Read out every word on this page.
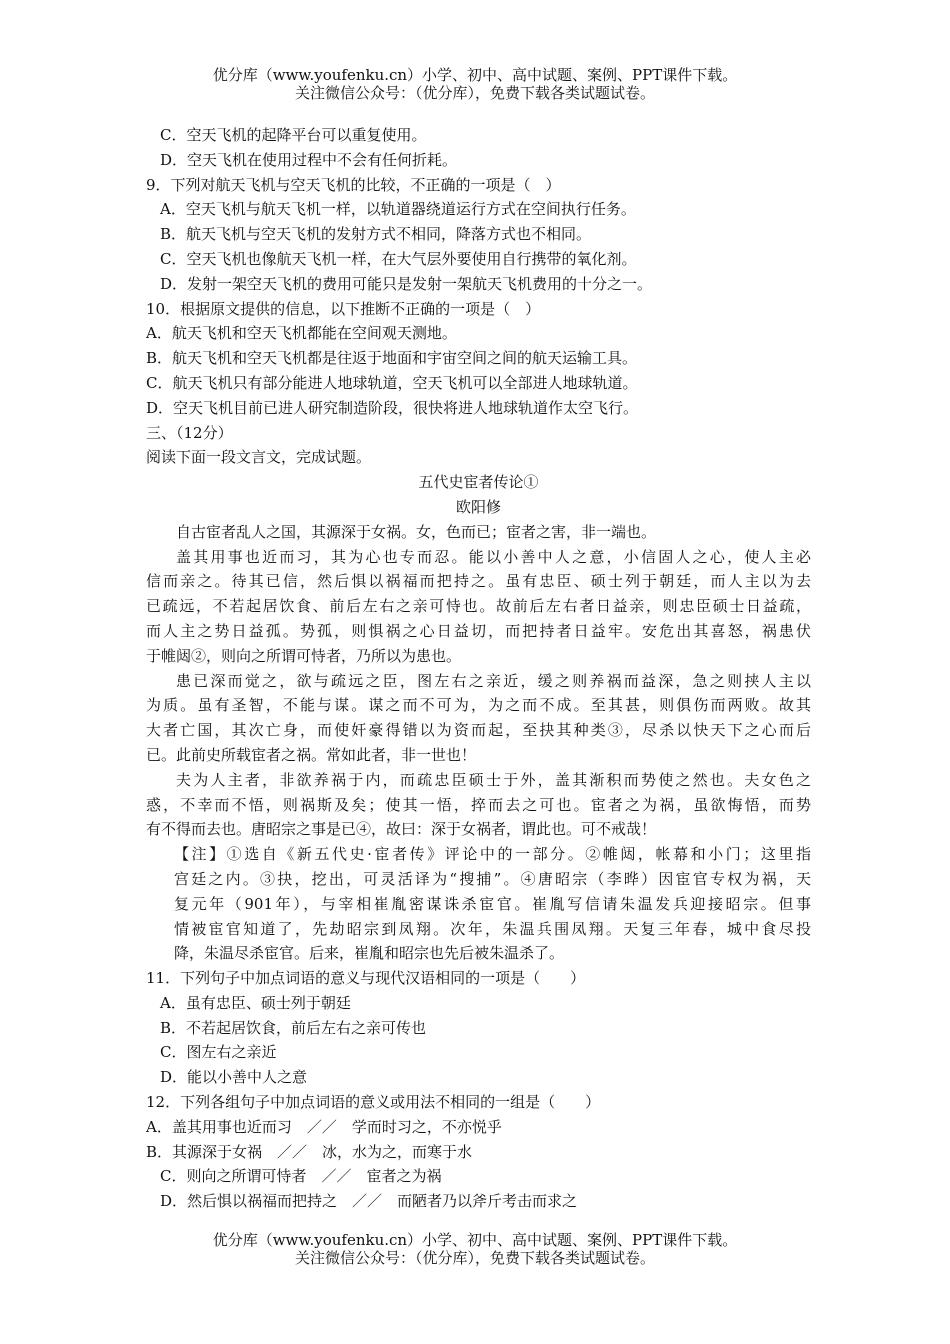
优分库（www.youfenku.cn）小学、初中、高中试题、案例、PPT课件下载。
关注微信公众号：（优分库），免费下载各类试题试卷。
C．空天飞机的起降平台可以重复使用。
D．空天飞机在使用过程中不会有任何折耗。
9．下列对航天飞机与空天飞机的比较，不正确的一项是（　）
A．空天飞机与航天飞机一样，以轨道器绕道运行方式在空间执行任务。
B．航天飞机与空天飞机的发射方式不相同，降落方式也不相同。
C．空天飞机也像航天飞机一样，在大气层外要使用自行携带的氧化剂。
D．发射一架空天飞机的费用可能只是发射一架航天飞机费用的十分之一。
10．根据原文提供的信息，以下推断不正确的一项是（　）
A．航天飞机和空天飞机都能在空间观天测地。
B．航天飞机和空天飞机都是往返于地面和宇宙空间之间的航天运输工具。
C．航天飞机只有部分能进人地球轨道，空天飞机可以全部进人地球轨道。
D．空天飞机目前已进人研究制造阶段，很快将进人地球轨道作太空飞行。
三、（12分）
阅读下面一段文言文，完成试题。
五代史宦者传论①
欧阳修
自古宦者乱人之国，其源深于女祸。女，色而已；宦者之害，非一端也。
盖其用事也近而习，其为心也专而忍。能以小善中人之意，小信固人之心，使人主必
信而亲之。待其已信，然后惧以祸福而把持之。虽有忠臣、硕士列于朝廷，而人主以为去
已疏远，不若起居饮食、前后左右之亲可恃也。故前后左右者日益亲，则忠臣硕士日益疏，
而人主之势日益孤。势孤，则惧祸之心日益切，而把持者日益牢。安危出其喜怒，祸患伏
于帷闼②，则向之所谓可恃者，乃所以为患也。
患已深而觉之，欲与疏远之臣，图左右之亲近，缓之则养祸而益深，急之则挟人主以
为质。虽有圣智，不能与谋。谋之而不可为，为之而不成。至其甚，则俱伤而两败。故其
大者亡国，其次亡身，而使奸豪得错以为资而起，至抉其种类③，尽杀以快天下之心而后
已。此前史所载宦者之祸。常如此者，非一世也！
夫为人主者，非欲养祸于内，而疏忠臣硕士于外，盖其渐积而势使之然也。夫女色之
惑，不幸而不悟，则祸斯及矣；使其一悟，捽而去之可也。宦者之为祸，虽欲悔悟，而势
有不得而去也。唐昭宗之事是已④，故曰：深于女祸者，谓此也。可不戒哉！
【注】①选自《新五代史·宦者传》评论中的一部分。②帷闼，帐幕和小门；这里指
宫廷之内。③抉，挖出，可灵活译为“搜捕”。④唐昭宗（李晔）因宦官专权为祸，天
复元年（901年），与宰相崔胤密谋诛杀宦官。崔胤写信请朱温发兵迎接昭宗。但事
情被宦官知道了，先劫昭宗到凤翔。次年，朱温兵围凤翔。天复三年春，城中食尽投
降，朱温尽杀宦官。后来，崔胤和昭宗也先后被朱温杀了。
11．下列句子中加点词语的意义与现代汉语相同的一项是（　　）
A．虽有忠臣、硕士列于朝廷
B．不若起居饮食，前后左右之亲可传也
C．图左右之亲近
D．能以小善中人之意
12．下列各组句子中加点词语的意义或用法不相同的一组是（　　）
A．盖其用事也近而习　／／　学而时习之，不亦悦乎
B．其源深于女祸　／／　冰，水为之，而寒于水
C．则向之所谓可恃者　／／　宦者之为祸
D．然后惧以祸福而把持之　／／　而陋者乃以斧斤考击而求之
优分库（www.youfenku.cn）小学、初中、高中试题、案例、PPT课件下载。
关注微信公众号：（优分库），免费下载各类试题试卷。
